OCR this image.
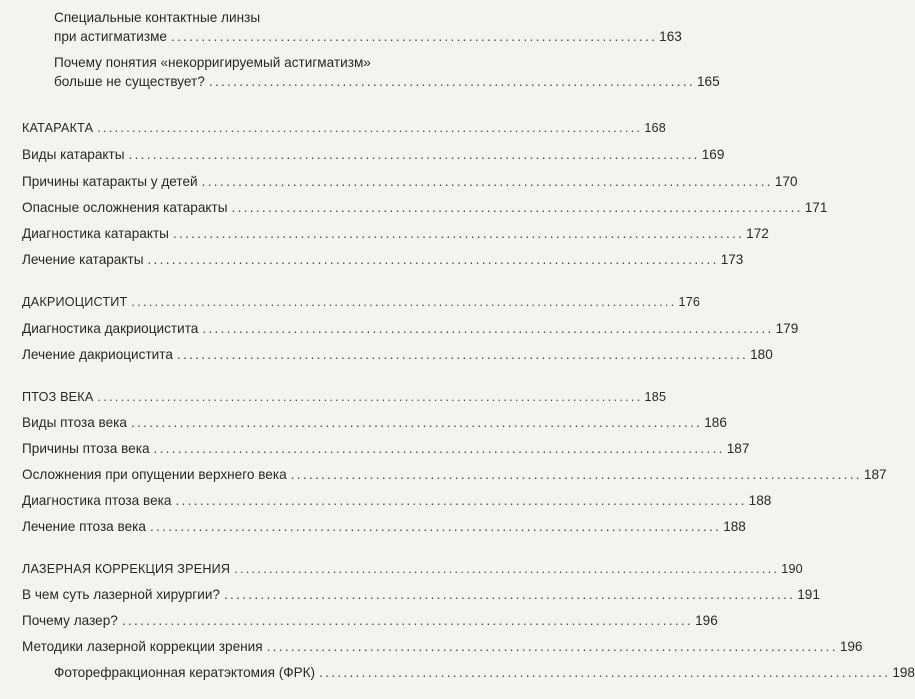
Специальные контактные линзы
при астигматизме ................................................................................ 163
Почему понятия «некорригируемый астигматизм»
больше не существует? ................................................................................ 165
КАТАРАКТА .............................................................................................. 168
Виды катаракты .............................................................................................. 169
Причины катаракты у детей .............................................................................................. 170
Опасные осложнения катаракты .............................................................................................. 171
Диагностика катаракты .............................................................................................. 172
Лечение катаракты .............................................................................................. 173
ДАКРИОЦИСТИТ .............................................................................................. 176
Диагностика дакриоцистита .............................................................................................. 179
Лечение дакриоцистита .............................................................................................. 180
ПТОЗ ВЕКА .............................................................................................. 185
Виды птоза века .............................................................................................. 186
Причины птоза века .............................................................................................. 187
Осложнения при опущении верхнего века .............................................................................................. 187
Диагностика птоза века .............................................................................................. 188
Лечение птоза века .............................................................................................. 188
ЛАЗЕРНАЯ КОРРЕКЦИЯ ЗРЕНИЯ .............................................................................................. 190
В чем суть лазерной хирургии? .............................................................................................. 191
Почему лазер? .............................................................................................. 196
Методики лазерной коррекции зрения .............................................................................................. 196
Фоторефракционная кератэктомия (ФРК) .............................................................................................. 198
